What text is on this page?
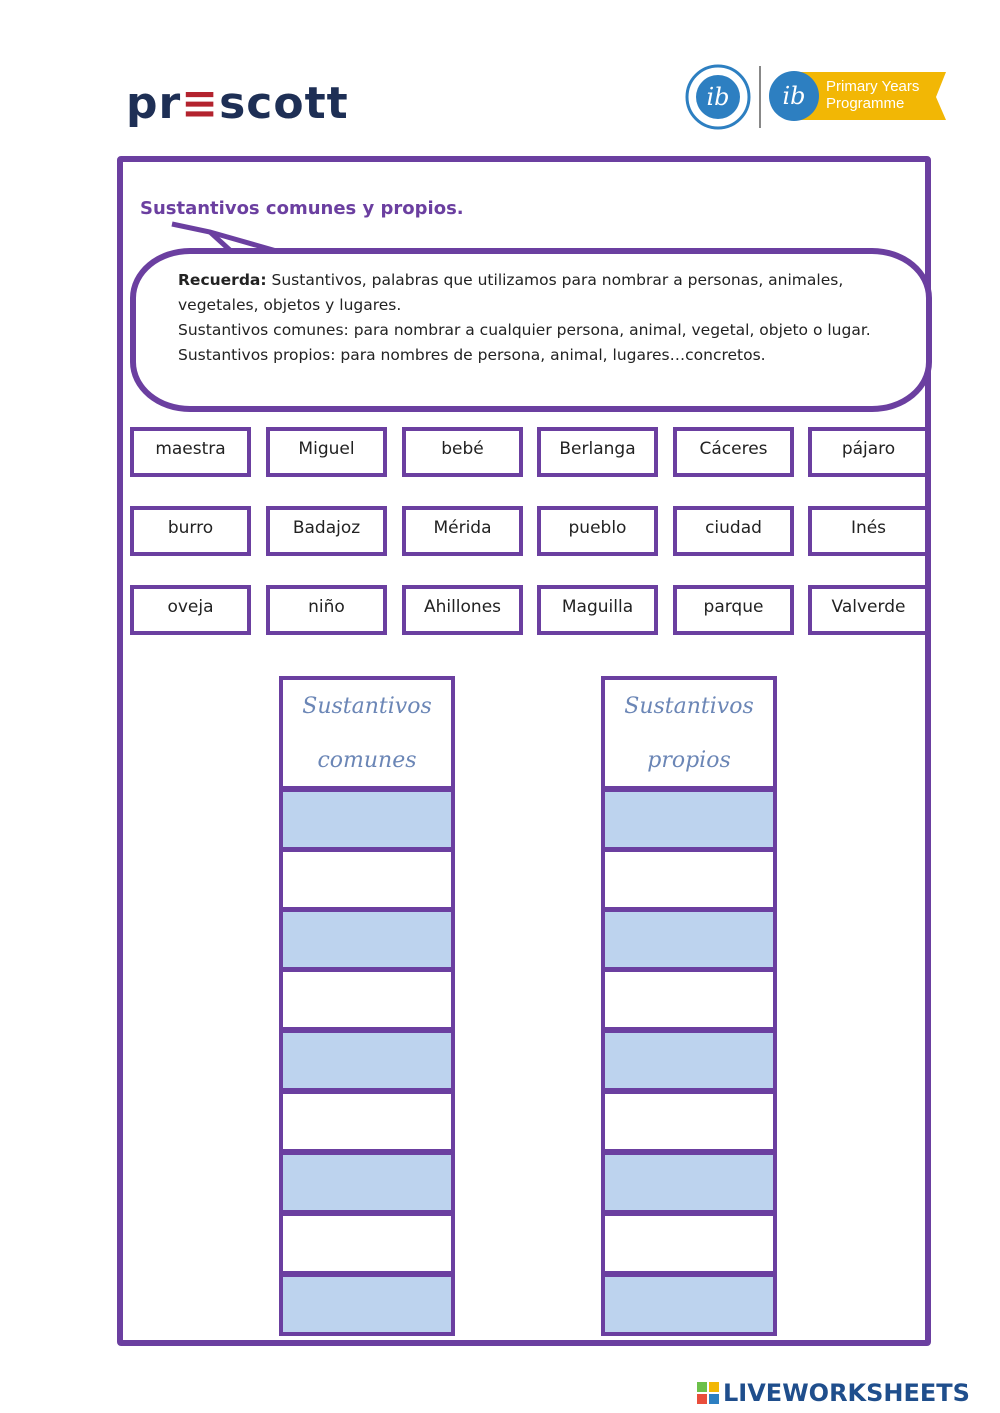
pr≡scott	ib ib Primary Years
Programme
Sustantivos comunes y propios.

Recuerda: Sustantivos, palabras que utilizamos para nombrar a personas, animales, vegetales, objetos y lugares.

Sustantivos comunes: para nombrar a cualquier persona, animal, vegetal, objeto o lugar.

Sustantivos propios: para nombres de persona, animal, lugares…concretos.

maestra	Miguel	bebé	Berlanga	Cáceres	pájaro
burro	Badajoz	Mérida	pueblo	ciudad	Inés
oveja	niño	Ahillones	Maguilla	parque	Valverde
Sustantivos
comunes
Sustantivos
propios
LIVEWORKSHEETS
